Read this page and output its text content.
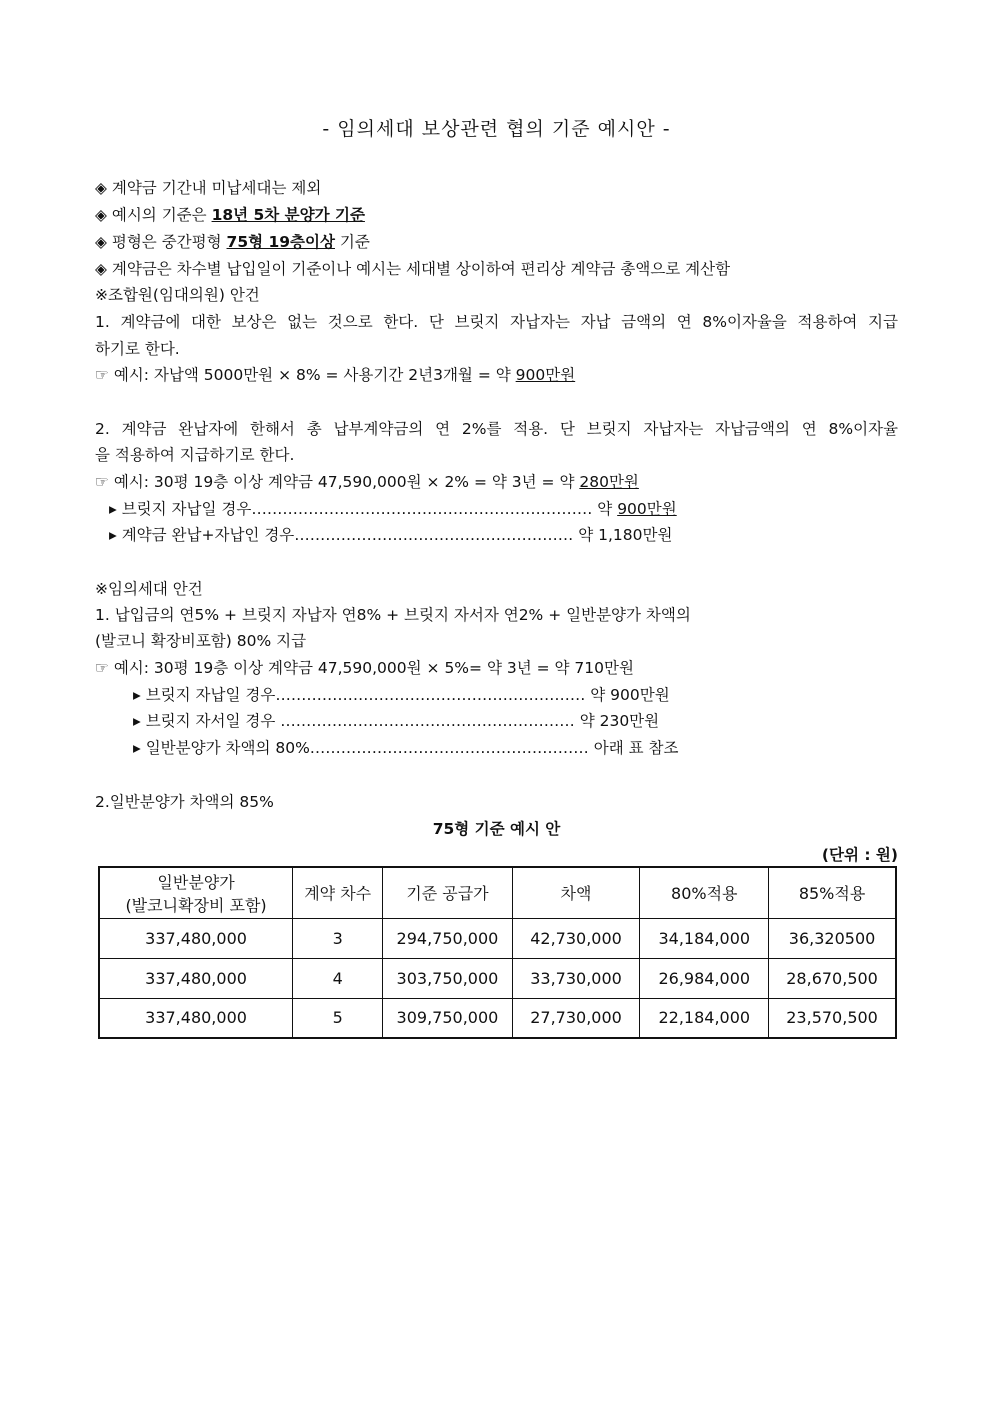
- 임의세대 보상관련 협의 기준 예시안 -
◈ 계약금 기간내 미납세대는 제외
◈ 예시의 기준은 18년 5차 분양가 기준
◈ 평형은 중간평형 75형 19층이상 기준
◈ 계약금은 차수별 납입일이 기준이나 예시는 세대별 상이하여 편리상 계약금 총액으로 계산함
※조합원(임대의원) 안건
1. 계약금에 대한 보상은 없는 것으로 한다. 단 브릿지 자납자는 자납 금액의 연 8%이자율을 적용하여 지급
하기로 한다.
☞ 예시: 자납액 5000만원 × 8% = 사용기간 2년3개월 = 약 900만원
2. 계약금 완납자에 한해서 총 납부계약금의 연 2%를 적용. 단 브릿지 자납자는 자납금액의 연 8%이자율
을 적용하여 지급하기로 한다.
☞ 예시: 30평 19층 이상 계약금 47,590,000원 × 2% = 약 3년 = 약 280만원
▸ 브릿지 자납일 경우………………………………………………………… 약 900만원
▸ 계약금 완납+자납인 경우……………………………………………… 약 1,180만원
※임의세대 안건
1. 납입금의 연5% + 브릿지 자납자 연8% + 브릿지 자서자 연2% + 일반분양가 차액의
(발코니 확장비포함) 80% 지급
☞ 예시: 30평 19층 이상 계약금 47,590,000원 × 5%= 약 3년 = 약 710만원
▸ 브릿지 자납일 경우…………………………………………………… 약 900만원
▸ 브릿지 자서일 경우 ………………………………………………… 약 230만원
▸ 일반분양가 차액의 80%……………………………………………… 아래 표 참조
2.일반분양가 차액의 85%
75형 기준 예시 안
(단위 : 원)
일반분양가
(발코니확장비 포함)	계약 차수	기준 공급가	차액	80%적용	85%적용
337,480,000	3	294,750,000	42,730,000	34,184,000	36,320500
337,480,000	4	303,750,000	33,730,000	26,984,000	28,670,500
337,480,000	5	309,750,000	27,730,000	22,184,000	23,570,500
